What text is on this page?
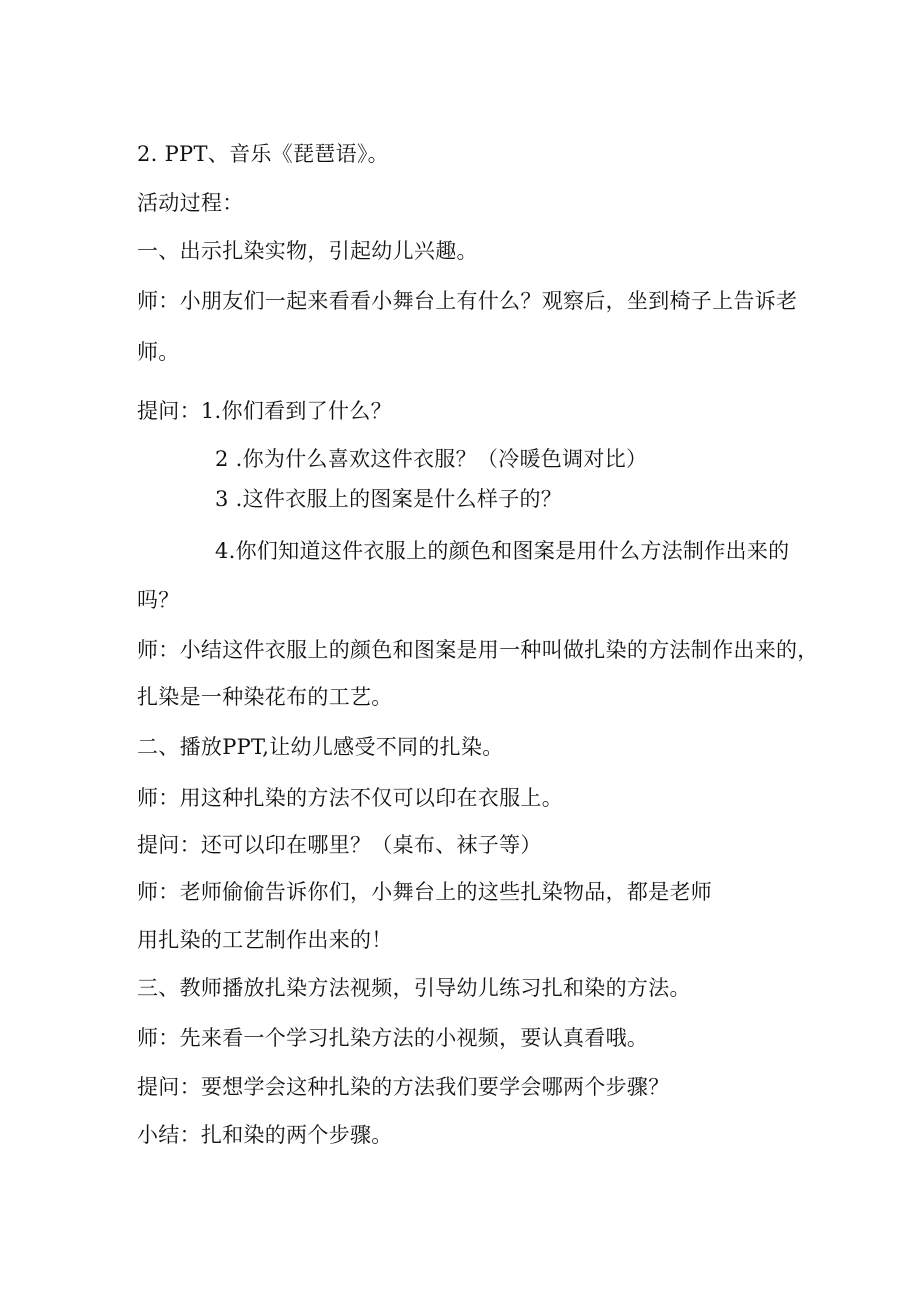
2. PPT、音乐《琵琶语》。
活动过程：
一、出示扎染实物，引起幼儿兴趣。
师：小朋友们一起来看看小舞台上有什么？观察后，坐到椅子上告诉老
师。
提问：1.你们看到了什么？
2 .你为什么喜欢这件衣服？（冷暖色调对比）
3 .这件衣服上的图案是什么样子的？
4.你们知道这件衣服上的颜色和图案是用什么方法制作出来的
吗？
师：小结这件衣服上的颜色和图案是用一种叫做扎染的方法制作出来的，
扎染是一种染花布的工艺。
二、播放PPT,让幼儿感受不同的扎染。
师：用这种扎染的方法不仅可以印在衣服上。
提问：还可以印在哪里？（桌布、袜子等）
师：老师偷偷告诉你们，小舞台上的这些扎染物品，都是老师
用扎染的工艺制作出来的！
三、教师播放扎染方法视频，引导幼儿练习扎和染的方法。
师：先来看一个学习扎染方法的小视频，要认真看哦。
提问：要想学会这种扎染的方法我们要学会哪两个步骤？
小结：扎和染的两个步骤。
